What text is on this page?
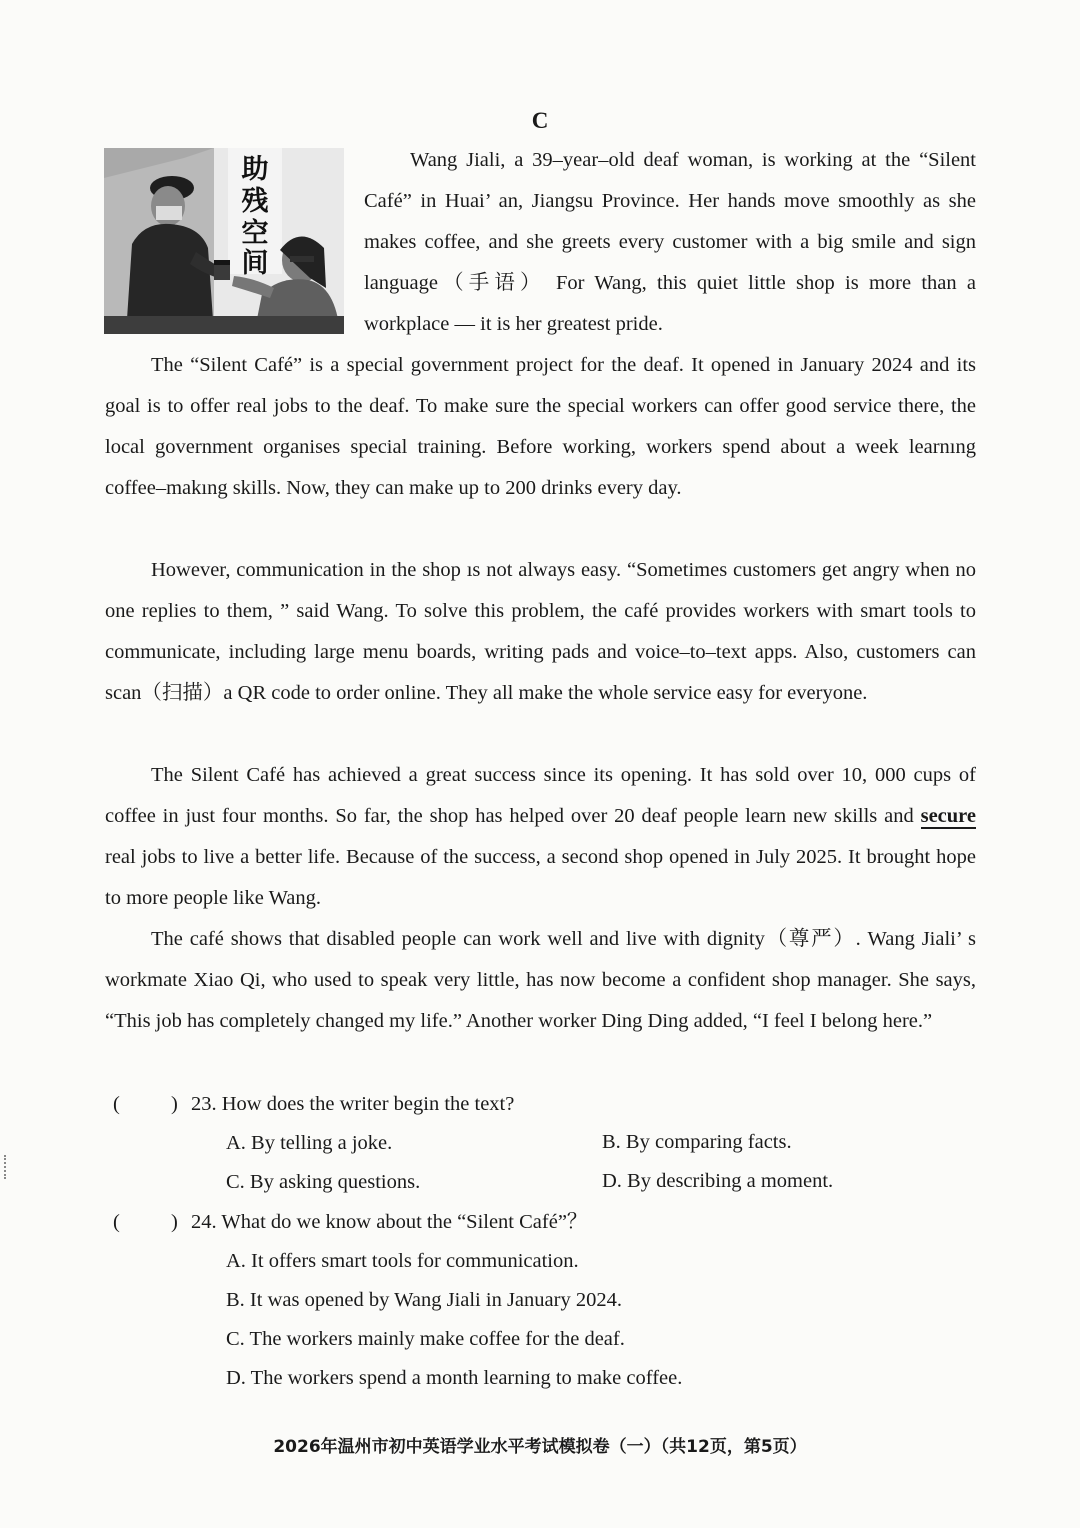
C
助
残
空
间

Wang Jiali, a 39–year–old deaf woman, is working at the “Silent Café” in Huai’ an, Jiangsu Province. Her hands move smoothly as she makes coffee, and she greets every customer with a big smile and sign language（手语） For Wang, this quiet little shop is more than a workplace — it is her greatest pride.

The “Silent Café” is a special government project for the deaf. It opened in January 2024 and its goal is to offer real jobs to the deaf. To make sure the special workers can offer good service there, the local government organises special training. Before working, workers spend about a week learnıng coffee–makıng skills. Now, they can make up to 200 drinks every day.

However, communication in the shop ıs not always easy. “Sometimes customers get angry when no one replies to them, ” said Wang. To solve this problem, the café provides workers with smart tools to communicate, including large menu boards, writing pads and voice–to–text apps. Also, customers can scan（扫描）a QR code to order online. They all make the whole service easy for everyone.

The Silent Café has achieved a great success since its opening. It has sold over 10, 000 cups of coffee in just four months. So far, the shop has helped over 20 deaf people learn new skills and secure real jobs to live a better life. Because of the success, a second shop opened in July 2025. It brought hope to more people like Wang.

The café shows that disabled people can work well and live with dignity（尊严）. Wang Jiali’ s workmate Xiao Qi, who used to speak very little, has now become a confident shop manager. She says, “This job has completely changed my life.” Another worker Ding Ding added, “I feel I belong here.”

( ) 23. How does the writer begin the text?
A. By telling a joke.	B. By comparing facts.
C. By asking questions.	D. By describing a moment.
( ) 24. What do we know about the “Silent Café”？
A. It offers smart tools for communication.
B. It was opened by Wang Jiali in January 2024.
C. The workers mainly make coffee for the deaf.
D. The workers spend a month learning to make coffee.
2026年温州市初中英语学业水平考试模拟卷（一）（共12页，第5页）
